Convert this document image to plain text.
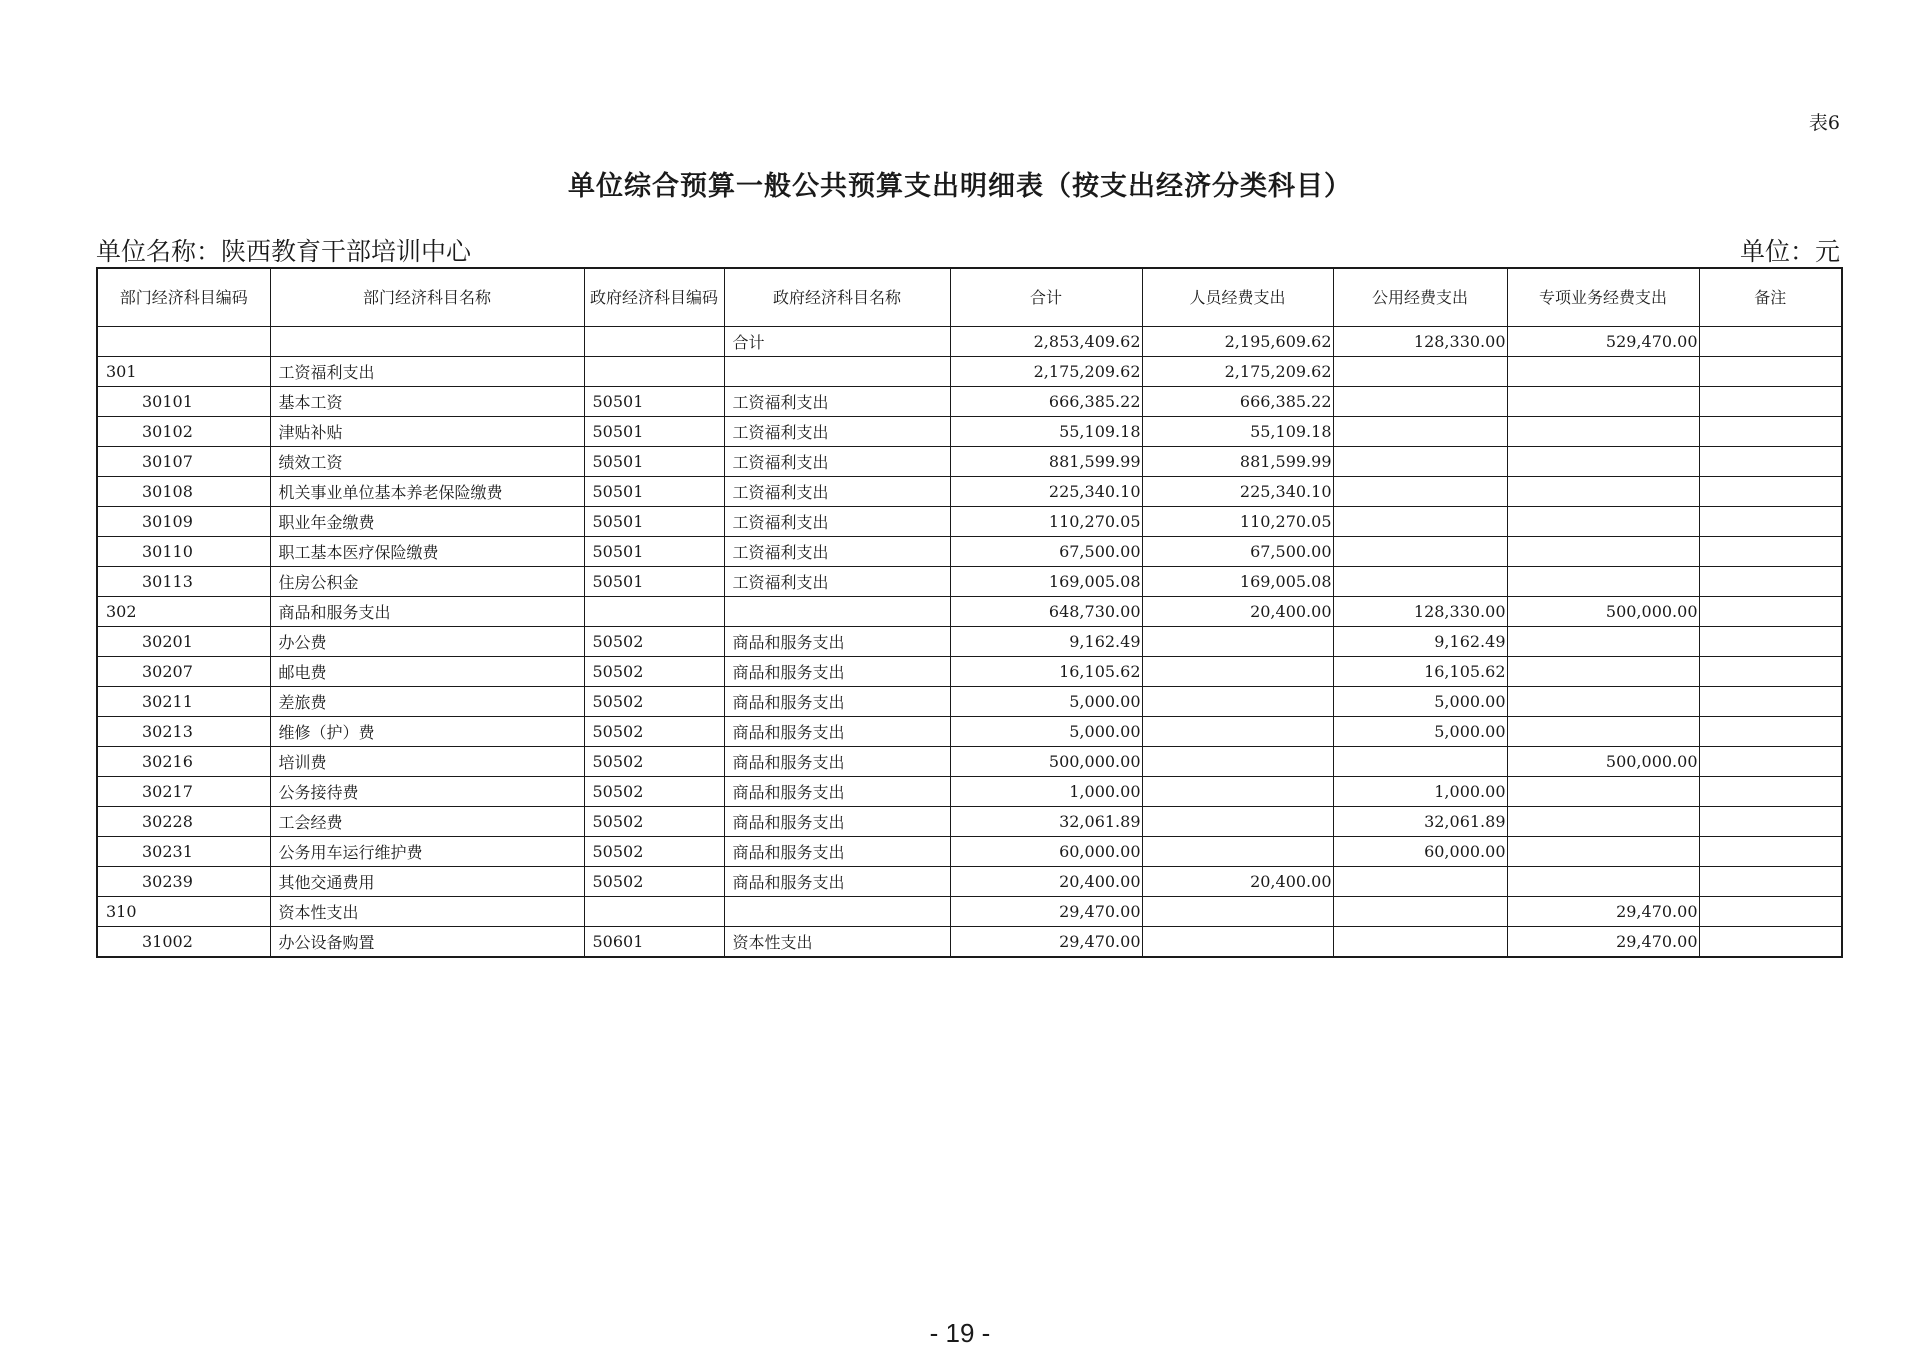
表6
单位综合预算一般公共预算支出明细表（按支出经济分类科目）
单位名称：陕西教育干部培训中心	单位：元
部门经济科目编码	部门经济科目名称	政府经济科目编码	政府经济科目名称	合计	人员经费支出	公用经费支出	专项业务经费支出	备注
			合计	2,853,409.62	2,195,609.62	128,330.00	529,470.00	
301	工资福利支出			2,175,209.62	2,175,209.62			
30101	基本工资	50501	工资福利支出	666,385.22	666,385.22			
30102	津贴补贴	50501	工资福利支出	55,109.18	55,109.18			
30107	绩效工资	50501	工资福利支出	881,599.99	881,599.99			
30108	机关事业单位基本养老保险缴费	50501	工资福利支出	225,340.10	225,340.10			
30109	职业年金缴费	50501	工资福利支出	110,270.05	110,270.05			
30110	职工基本医疗保险缴费	50501	工资福利支出	67,500.00	67,500.00			
30113	住房公积金	50501	工资福利支出	169,005.08	169,005.08			
302	商品和服务支出			648,730.00	20,400.00	128,330.00	500,000.00	
30201	办公费	50502	商品和服务支出	9,162.49		9,162.49		
30207	邮电费	50502	商品和服务支出	16,105.62		16,105.62		
30211	差旅费	50502	商品和服务支出	5,000.00		5,000.00		
30213	维修（护）费	50502	商品和服务支出	5,000.00		5,000.00		
30216	培训费	50502	商品和服务支出	500,000.00			500,000.00	
30217	公务接待费	50502	商品和服务支出	1,000.00		1,000.00		
30228	工会经费	50502	商品和服务支出	32,061.89		32,061.89		
30231	公务用车运行维护费	50502	商品和服务支出	60,000.00		60,000.00		
30239	其他交通费用	50502	商品和服务支出	20,400.00	20,400.00			
310	资本性支出			29,470.00			29,470.00	
31002	办公设备购置	50601	资本性支出	29,470.00			29,470.00	
- 19 -
